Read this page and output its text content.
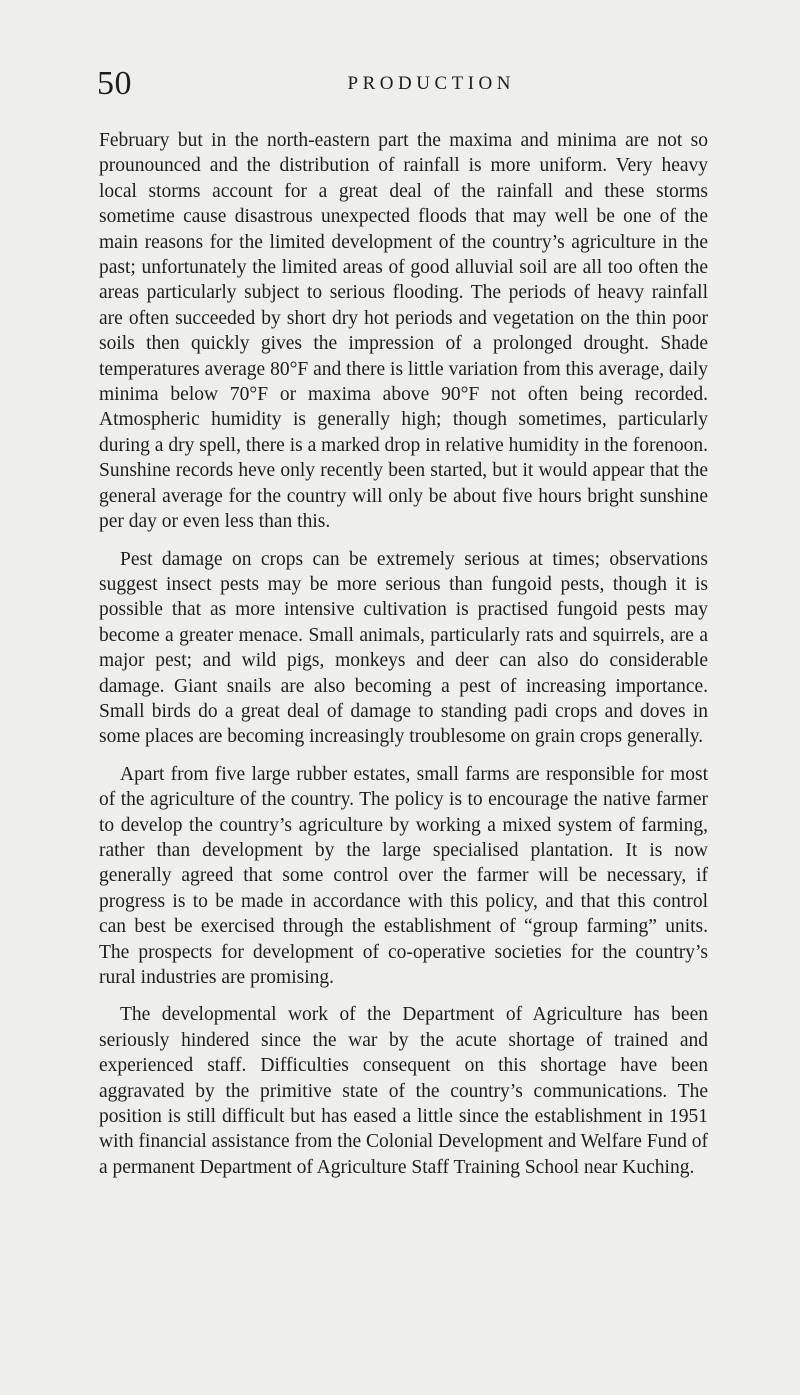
50	PRODUCTION

February but in the north-eastern part the maxima and minima are not so prounounced and the distribution of rainfall is more uniform. Very heavy local storms account for a great deal of the rainfall and these storms sometime cause disastrous unexpected floods that may well be one of the main reasons for the limited development of the country’s agriculture in the past; unfortunately the limited areas of good alluvial soil are all too often the areas particularly subject to serious flooding. The periods of heavy rainfall are often succeeded by short dry hot periods and vegetation on the thin poor soils then quickly gives the impression of a prolonged drought. Shade temperatures average 80°F and there is little variation from this average, daily minima below 70°F or maxima above 90°F not often being recorded. Atmospheric humidity is generally high; though sometimes, particularly during a dry spell, there is a marked drop in relative humidity in the forenoon. Sunshine records heve only recently been started, but it would appear that the general average for the country will only be about five hours bright sunshine per day or even less than this.

Pest damage on crops can be extremely serious at times; observations suggest insect pests may be more serious than fungoid pests, though it is possible that as more intensive cultivation is practised fungoid pests may become a greater menace. Small animals, particularly rats and squirrels, are a major pest; and wild pigs, monkeys and deer can also do considerable damage. Giant snails are also becoming a pest of increasing importance. Small birds do a great deal of damage to standing padi crops and doves in some places are becoming increasingly troublesome on grain crops generally.

Apart from five large rubber estates, small farms are responsible for most of the agriculture of the country. The policy is to encourage the native farmer to develop the country’s agriculture by working a mixed system of farming, rather than development by the large specialised plantation. It is now generally agreed that some control over the farmer will be necessary, if progress is to be made in accordance with this policy, and that this control can best be exercised through the establishment of “group farming” units. The prospects for development of co-operative societies for the country’s rural industries are promising.

The developmental work of the Department of Agriculture has been seriously hindered since the war by the acute shortage of trained and experienced staff. Difficulties consequent on this shortage have been aggravated by the primitive state of the country’s communications. The position is still difficult but has eased a little since the establishment in 1951 with financial assistance from the Colonial Development and Welfare Fund of a permanent Department of Agriculture Staff Training School near Kuching.
